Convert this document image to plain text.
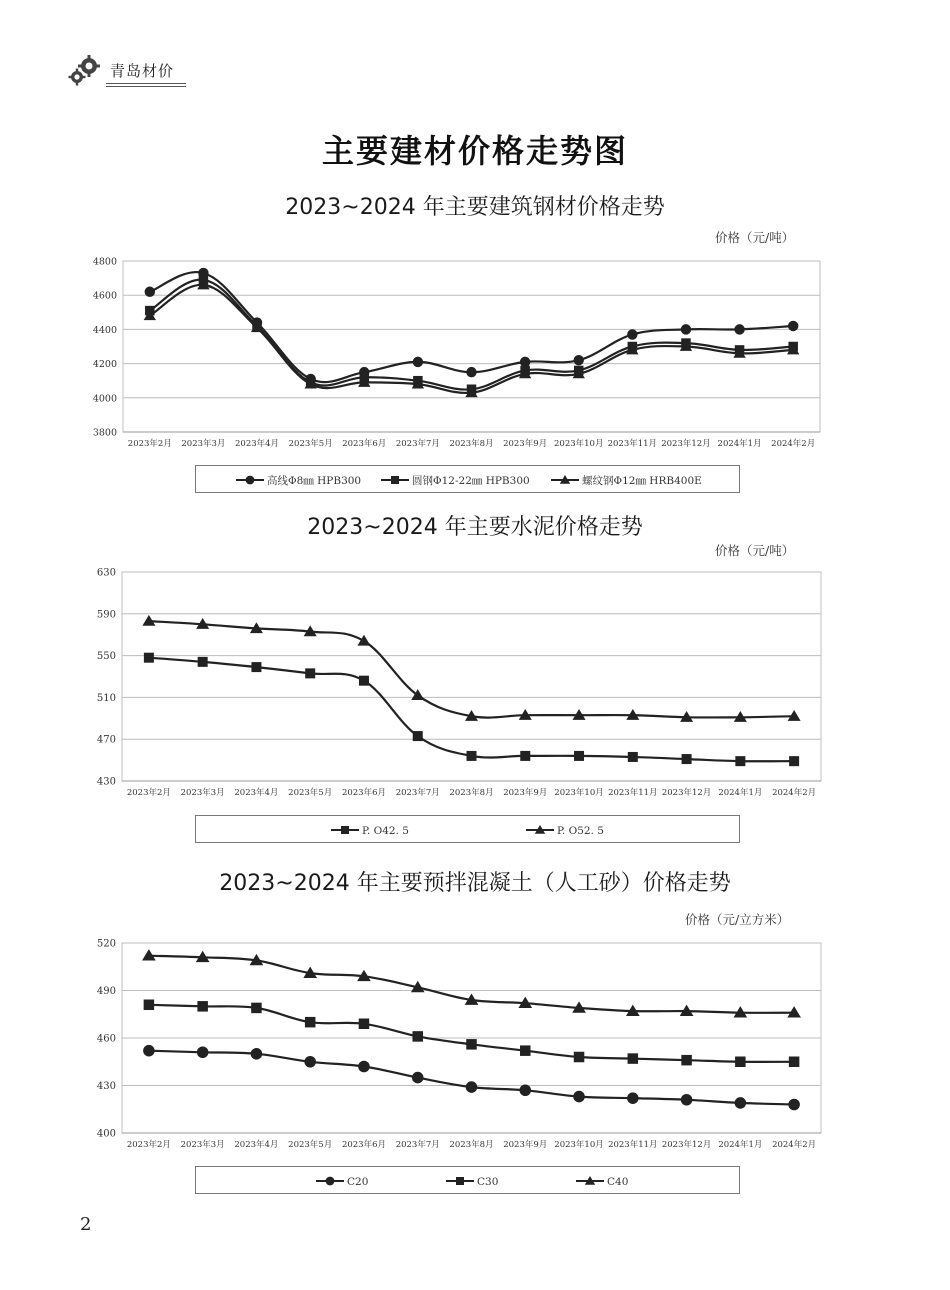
青岛材价
主要建材价格走势图
2023~2024 年主要建筑钢材价格走势
价格（元/吨）
3800
4000
4200
4400
4600
4800
2023年2月 2023年3月 2023年4月 2023年5月 2023年6月 2023年7月 2023年8月 2023年9月 2023年10月 2023年11月 2023年12月 2024年1月 2024年2月
高线Φ8㎜ HPB300	圆钢Φ12-22㎜ HPB300	螺纹钢Φ12㎜ HRB400E
2023~2024 年主要水泥价格走势
价格（元/吨）
430
470
510
550
590
630
2023年2月 2023年3月 2023年4月 2023年5月 2023年6月 2023年7月 2023年8月 2023年9月 2023年10月 2023年11月 2023年12月 2024年1月 2024年2月
P. O42. 5	P. O52. 5
2023~2024 年主要预拌混凝土（人工砂）价格走势
价格（元/立方米）
400
430
460
490
520
2023年2月 2023年3月 2023年4月 2023年5月 2023年6月 2023年7月 2023年8月 2023年9月 2023年10月 2023年11月 2023年12月 2024年1月 2024年2月
C20	C30	C40
2
